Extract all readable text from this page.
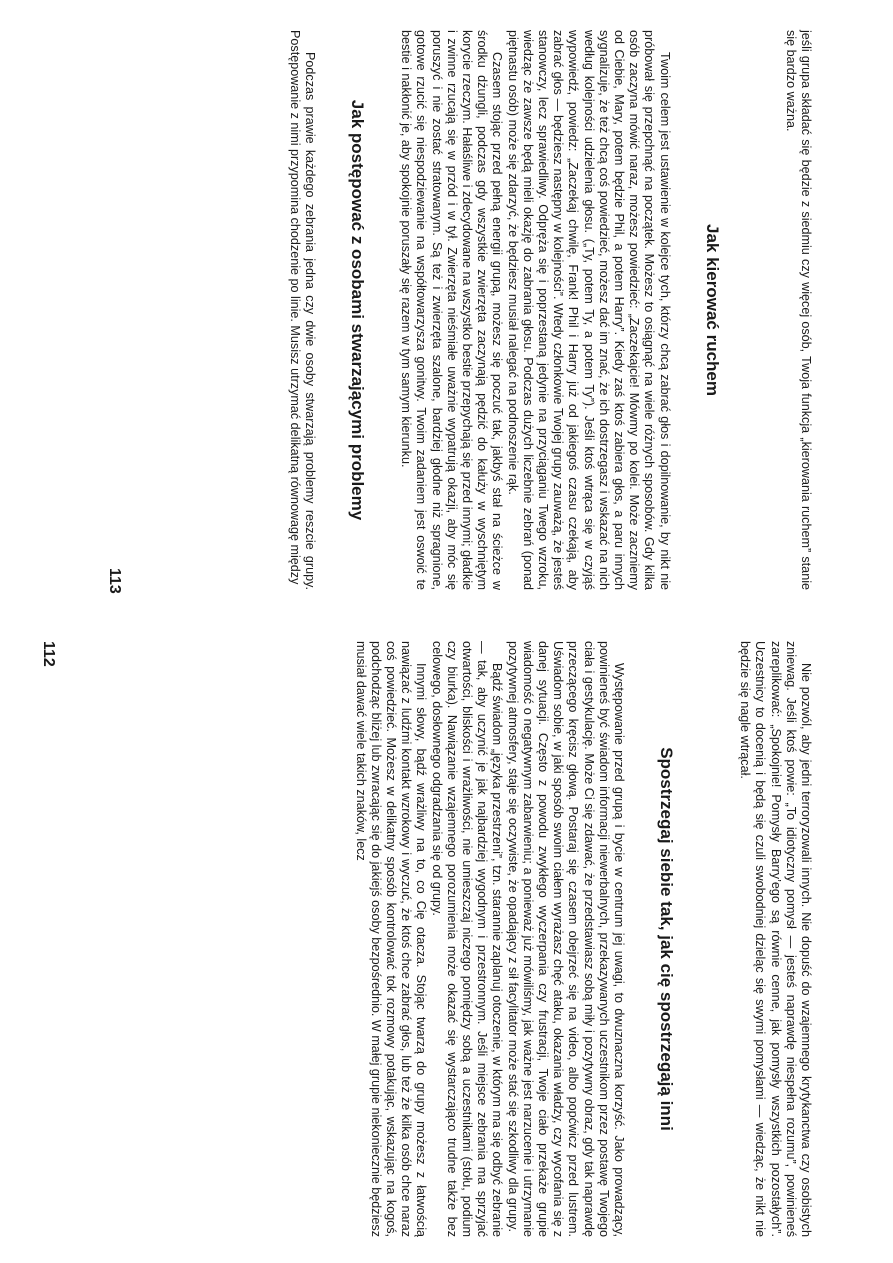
jeśli grupa składać się będzie z siedmiu czy więcej osób, Twoja funkcja „kierowania ruchem” stanie się bardzo ważna.

Jak kierować ruchem

Twoim celem jest ustawienie w kolejce tych, którzy chcą zabrać głos i dopilnowanie, by nikt nie próbował się przepchnąć na początek. Możesz to osiągnąć na wiele różnych sposobów. Gdy kilka osób zaczyna mówić naraz, możesz powiedzieć: „Zaczekajcie! Mówmy po kolei. Może zaczniemy od Ciebie, Mary, potem będzie Phil, a potem Harry”. Kiedy zaś ktoś zabiera głos, a paru innych sygnalizuje, że też chcą coś powiedzieć, możesz dać im znać, że ich dostrzegasz i wskazać na nich według kolejności udzielenia głosu. („Ty, potem Ty, a potem Ty”). Jeśli ktoś wtrąca się w czyjąś wypowiedź, powiedz: „Zaczekaj chwilę, Frank! Phil i Harry już od jakiegoś czasu czekają, aby zabrać głos — będziesz następny w kolejności”. Wtedy członkowie Twojej grupy zauważą, że jesteś stanowczy, lecz sprawiedliwy. Odpręża się i poprzestaną jedynie na przyciąganiu Twego wzroku, wiedząc że zawsze będą mieli okazję do zabrania głosu. Podczas dużych liczebnie zebrań (ponad piętnastu osób) może się zdarzyć, że będziesz musiał nalegać na podnoszenie rąk.

Czasem stojąc przed pełną energii grupą, możesz się poczuć tak, jakbyś stał na ścieżce w środku dżungli, podczas gdy wszystkie zwierzęta zaczynają pędzić do kałuży w wyschniętym korycie rzeczym. Hałaśliwe i zdecydowane na wszystko bestie przepychają się przed innymi; gładkie i zwinne rzucają się w przód i w tył. Zwierzęta nieśmiałe uważnie wypatrują okazji, aby móc się poruszyć i nie zostać stratowanym. Są też i zwierzęta szalone, bardziej głodne niż spragnione, gotowe rzucić się niespodziewanie na współtowarzysza gonitwy. Twoim zadaniem jest oswoić te bestie i nakłonić je, aby spokojnie poruszały się razem w tym samym kierunku.

Jak postępować z osobami stwarzającymi problemy

Podczas prawie każdego zebrania jedna czy dwie osoby stwarzają problemy reszcie grupy. Postępowanie z nimi przypomina chodzenie po linie. Musisz utrzymać delikatną równowagę między

113

Nie pozwól, aby jedni terroryzowali innych. Nie dopuść do wzajemnego krytykanctwa czy osobistych zniewag. Jeśli ktoś powie: „To idiotyczny pomysł — jesteś naprawdę niespełna rozumu”, powinieneś zareplikować: „Spokojnie! Pomysły Barry’ego są równie cenne, jak pomysły wszystkich pozostałych”. Uczestnicy to docenią i będą się czuli swobodniej dzieląc się swymi pomysłami — wiedząc, że nikt nie będzie się nagle wtrącał.

Spostrzegaj siebie tak, jak cię spostrzegają inni

Występowanie przed grupą i bycie w centrum jej uwagi, to dwuznaczna korzyść. Jako prowadzący, powinieneś być świadom informacji niewerbalnych, przekazywanych uczestnikom przez postawę Twojego ciała i gestykulację. Może Ci się zdawać, że przedstawiasz sobą miły i pozytywny obraz, gdy tak naprawdę przeczącego kręcisz głową. Postaraj się czasem obejrzeć się na video, albo popćwicz przed lustrem. Uświadom sobie, w jaki sposób swoim ciałem wyrażasz chęć ataku, okazania władzy, czy wycofania się z danej sytuacji. Często z powodu zwykłego wyczerpania czy frustracji, Twoje ciało przekaże grupie wiadomość o negatywnym zabarwieniu; a ponieważ już mówiliśmy, jak ważne jest narzucenie i utrzymanie pozytywnej atmosfery, staje się oczywiste, że opadający z sił facylitator może stać się szkodliwy dla grupy.

Bądź świadom „języka przestrzeni”, tzn. starannie zaplanuj otoczenie, w którym ma się odbyć zebranie — tak, aby uczynić je jak najbardziej wygodnym i przestronnym. Jeśli miejsce zebrania ma sprzyjać otwartości, bliskości i wrażliwości, nie umieszczaj niczego pomiędzy sobą a uczestnikami (stołu, podium czy biurka). Nawiązanie wzajemnego porozumienia może okazać się wystarczająco trudne także bez celowego, dosłownego odgradzania się od grupy.

Innymi słowy, bądź wrażliwy na to, co Cię otacza. Stojąc twarzą do grupy możesz z łatwością nawiązać z ludźmi kontakt wzrokowy i wyczuć, że ktoś chce zabrać głos, lub też że kilka osób chce naraz coś powiedzieć. Możesz w delikatny sposób kontrolować tok rozmowy potakując, wskazując na kogoś, podchodząc bliżej lub zwracając się do jakiejś osoby bezpośrednio. W małej grupie niekoniecznie będziesz musiał dawać wiele takich znaków, lecz

112
